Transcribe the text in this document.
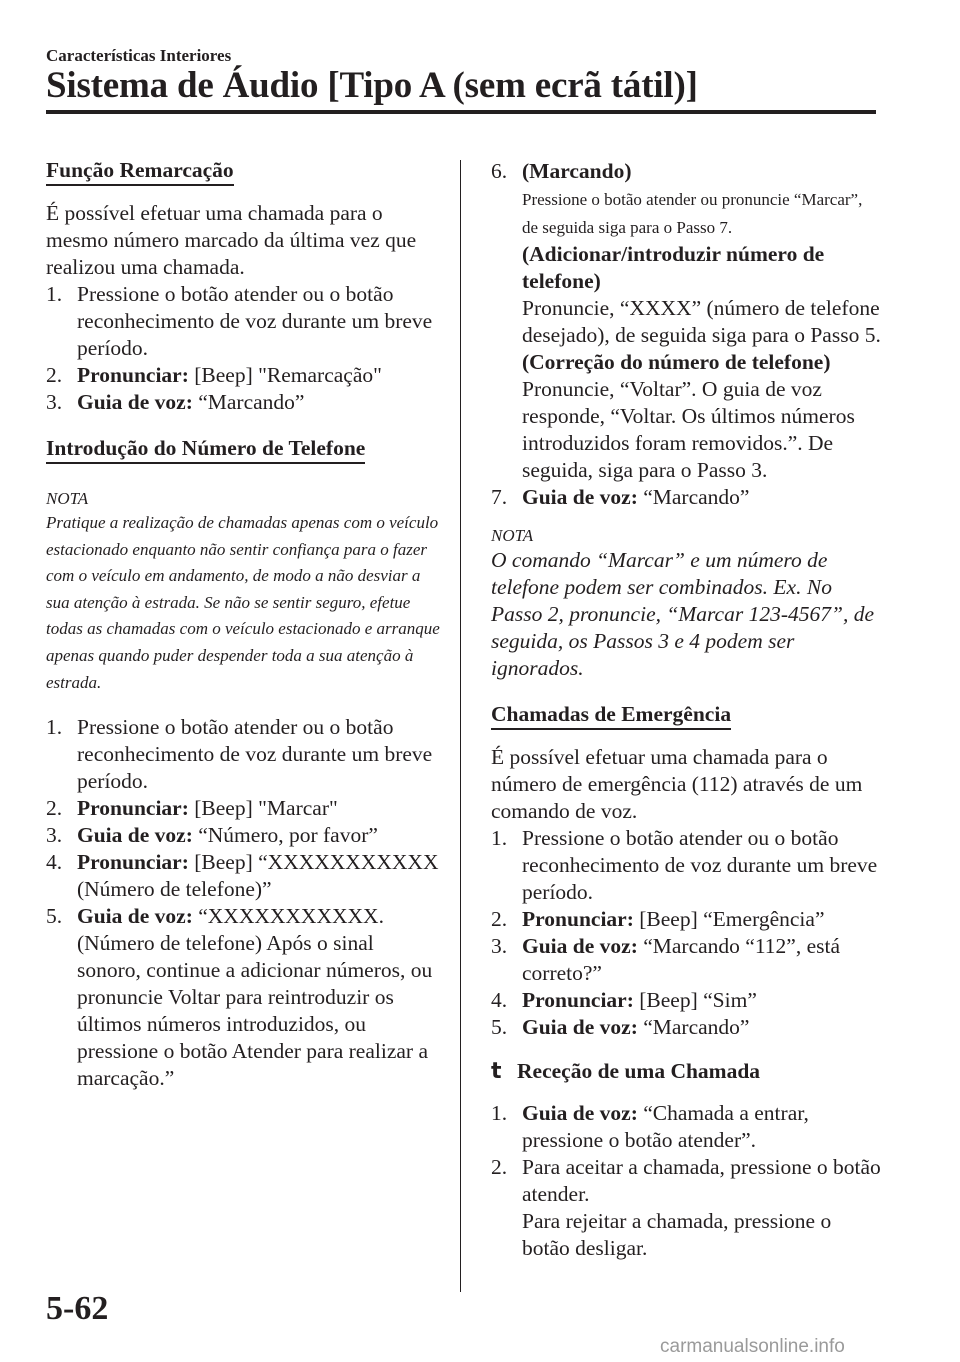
Características Interiores
Sistema de Áudio [Tipo A (sem ecrã tátil)]
Função Remarcação

É possível efetuar uma chamada para o mesmo número marcado da última vez que realizou uma chamada.

1. Pressione o botão atender ou o botão reconhecimento de voz durante um breve período.
2. Pronunciar: [Beep] "Remarcação"
3. Guia de voz: “Marcando”
Introdução do Número de Telefone
NOTA

Pratique a realização de chamadas apenas com o veículo estacionado enquanto não sentir confiança para o fazer com o veículo em andamento, de modo a não desviar a sua atenção à estrada. Se não se sentir seguro, efetue todas as chamadas com o veículo estacionado e arranque apenas quando puder despender toda a sua atenção à estrada.

1. Pressione o botão atender ou o botão reconhecimento de voz durante um breve período.
2. Pronunciar: [Beep] "Marcar"
3. Guia de voz: “Número, por favor”
4. Pronunciar: [Beep] “XXXXXXXXXXX (Número de telefone)”
5. Guia de voz: “XXXXXXXXXXX. (Número de telefone) Após o sinal sonoro, continue a adicionar números, ou pronuncie Voltar para reintroduzir os últimos números introduzidos, ou pressione o botão Atender para realizar a marcação.”
6. (Marcando)
Pressione o botão atender ou pronuncie “Marcar”, de seguida siga para o Passo 7.
(Adicionar/introduzir número de telefone)
Pronuncie, “XXXX” (número de telefone desejado), de seguida siga para o Passo 5.
(Correção do número de telefone)
Pronuncie, “Voltar”. O guia de voz responde, “Voltar. Os últimos números introduzidos foram removidos.”. De seguida, siga para o Passo 3.
7. Guia de voz: “Marcando”
NOTA

O comando “Marcar” e um número de telefone podem ser combinados. Ex. No Passo 2, pronuncie, “Marcar 123-4567”, de seguida, os Passos 3 e 4 podem ser ignorados.

Chamadas de Emergência

É possível efetuar uma chamada para o número de emergência (112) através de um comando de voz.

1. Pressione o botão atender ou o botão reconhecimento de voz durante um breve período.
2. Pronunciar: [Beep] “Emergência”
3. Guia de voz: “Marcando “112”, está correto?”
4. Pronunciar: [Beep] “Sim”
5. Guia de voz: “Marcando”
t Receção de uma Chamada
1. Guia de voz: “Chamada a entrar, pressione o botão atender”.
2. Para aceitar a chamada, pressione o botão atender.
Para rejeitar a chamada, pressione o botão desligar.
5-62
carmanualsonline.info
